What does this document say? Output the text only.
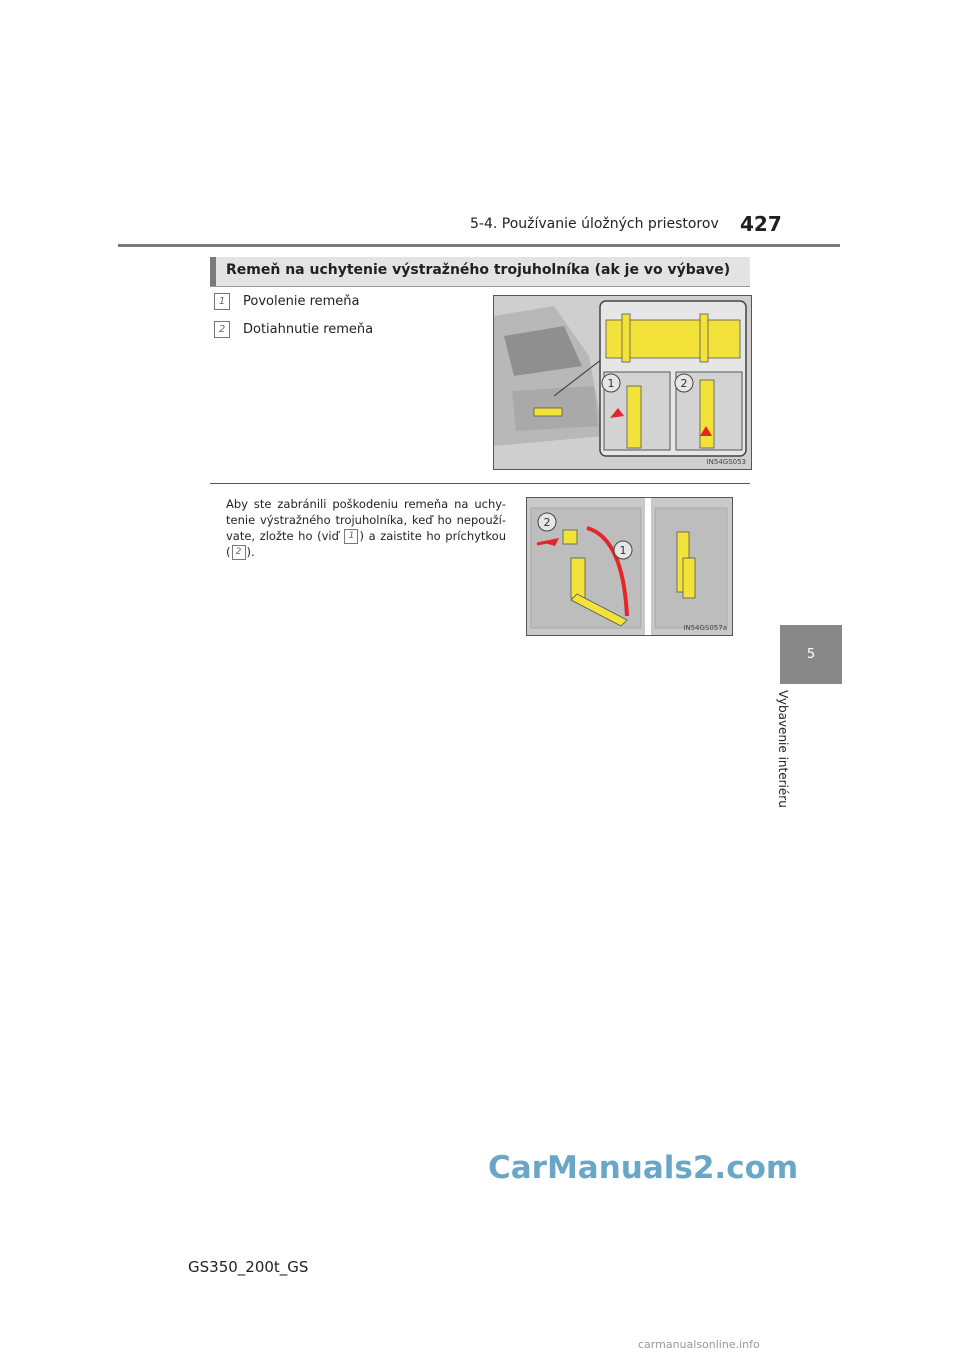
5-4. Používanie úložných priestorov 427
5
Vybavenie interiéru
Remeň na uchytenie výstražného trojuholníka (ak je vo výbave)
1 Povolenie remeňa
2 Dotiahnutie remeňa
1	2
IN54GS053
Aby ste zabránili poškodeniu remeňa na uchy-tenie výstražného trojuholníka, keď ho nepouží-vate, zložte ho (viď 1 ) a zaistite ho príchytkou ( 2 ).
2
1
IN54GS057a
GS350_200t_GS
CarManuals2.com
carmanualsonline.info
